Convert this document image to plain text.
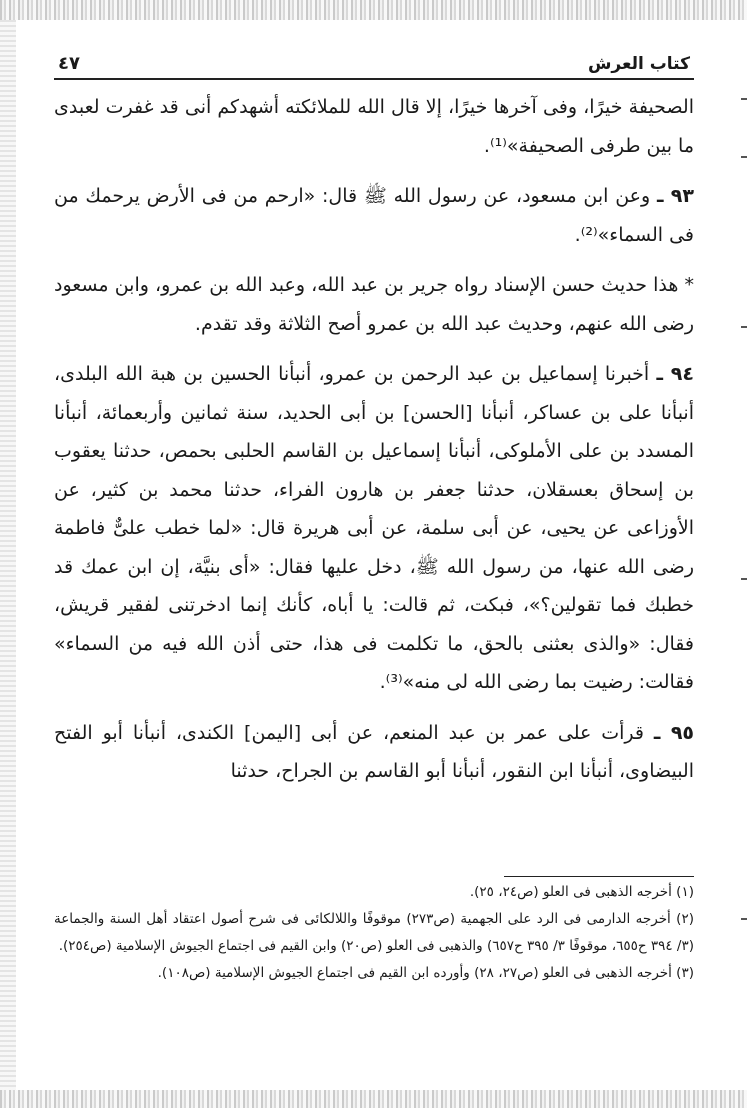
كتاب العرش
٤٧

الصحيفة خيرًا، وفى آخرها خيرًا، إلا قال الله للملائكته أشهدكم أنى قد غفرت لعبدى ما بين طرفى الصحيفة»⁽¹⁾.

٩٣ ـ وعن ابن مسعود، عن رسول الله ﷺ قال: «ارحم من فى الأرض يرحمك من فى السماء»⁽²⁾.

* هذا حديث حسن الإسناد رواه جرير بن عبد الله، وعبد الله بن عمرو، وابن مسعود رضى الله عنهم، وحديث عبد الله بن عمرو أصح الثلاثة وقد تقدم.

٩٤ ـ أخبرنا إسماعيل بن عبد الرحمن بن عمرو، أنبأنا الحسين بن هبة الله البلدى، أنبأنا على بن عساكر، أنبأنا [الحسن] بن أبى الحديد، سنة ثمانين وأربعمائة، أنبأنا المسدد بن على الأملوكى، أنبأنا إسماعيل بن القاسم الحلبى بحمص، حدثنا يعقوب بن إسحاق بعسقلان، حدثنا جعفر بن هارون الفراء، حدثنا محمد بن كثير، عن الأوزاعى عن يحيى، عن أبى سلمة، عن أبى هريرة قال: «لما خطب علىٌّ فاطمة رضى الله عنها، من رسول الله ﷺ، دخل عليها فقال: «أى بنيَّة، إن ابن عمك قد خطبك فما تقولين؟»، فبكت، ثم قالت: يا أباه، كأنك إنما ادخرتنى لفقير قريش، فقال: «والذى بعثنى بالحق، ما تكلمت فى هذا، حتى أذن الله فيه من السماء» فقالت: رضيت بما رضى الله لى منه»⁽³⁾.

٩٥ ـ قرأت على عمر بن عبد المنعم، عن أبى [اليمن] الكندى، أنبأنا أبو الفتح البيضاوى، أنبأنا ابن النقور، أنبأنا أبو القاسم بن الجراح، حدثنا

(١) أخرجه الذهبى فى العلو (ص٢٤، ٢٥).

(٢) أخرجه الدارمى فى الرد على الجهمية (ص٢٧٣) موقوفًا واللالكائى فى شرح أصول اعتقاد أهل السنة والجماعة (٣/ ٣٩٤ ح٦٥٥، موقوفًا ٣/ ٣٩٥ ح٦٥٧) والذهبى فى العلو (ص٢٠) وابن القيم فى اجتماع الجيوش الإسلامية (ص٢٥٤).

(٣) أخرجه الذهبى فى العلو (ص٢٧، ٢٨) وأورده ابن القيم فى اجتماع الجيوش الإسلامية (ص١٠٨).
